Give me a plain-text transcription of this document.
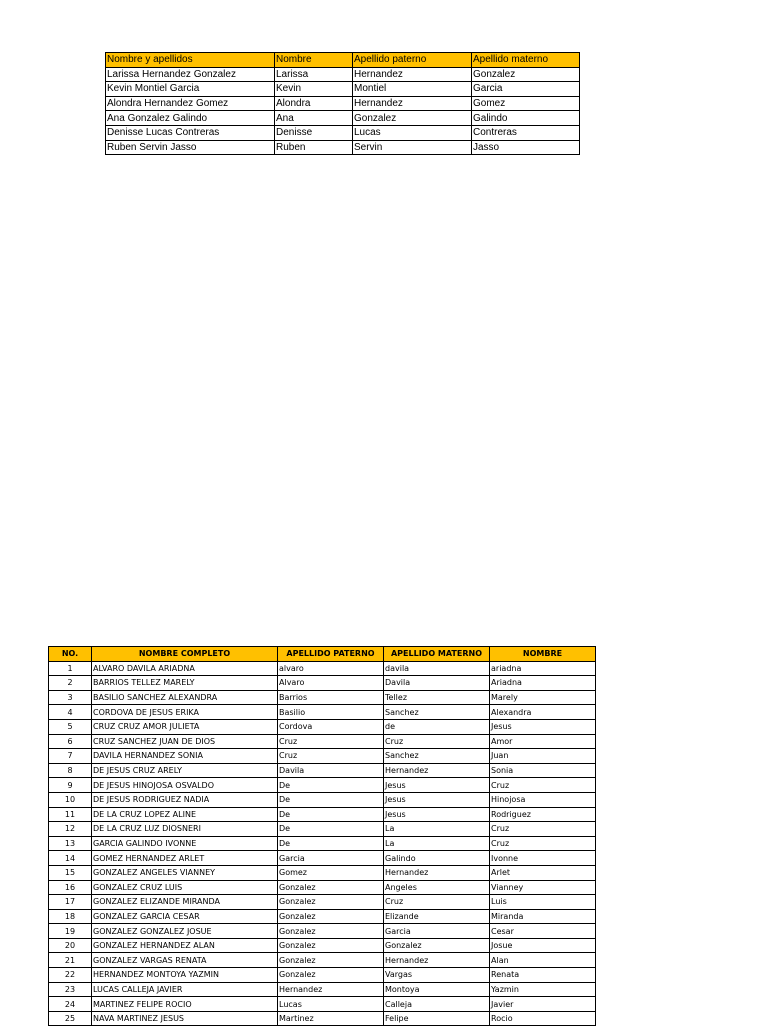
Nombre y apellidos	Nombre	Apellido paterno	Apellido materno
Larissa Hernandez Gonzalez	Larissa	Hernandez	Gonzalez
Kevin Montiel Garcia	Kevin	Montiel	Garcia
Alondra Hernandez Gomez	Alondra	Hernandez	Gomez
Ana Gonzalez Galindo	Ana	Gonzalez	Galindo
Denisse Lucas Contreras	Denisse	Lucas	Contreras
Ruben Servin Jasso	Ruben	Servin	Jasso
NO.	NOMBRE COMPLETO	APELLIDO PATERNO	APELLIDO MATERNO	NOMBRE
1	ALVARO DAVILA ARIADNA	alvaro	davila	ariadna
2	BARRIOS TELLEZ MARELY	Alvaro	Davila	Ariadna
3	BASILIO SANCHEZ ALEXANDRA	Barrios	Tellez	Marely
4	CORDOVA DE JESUS ERIKA	Basilio	Sanchez	Alexandra
5	CRUZ CRUZ AMOR JULIETA	Cordova	de	Jesus
6	CRUZ SANCHEZ JUAN DE DIOS	Cruz	Cruz	Amor
7	DAVILA HERNANDEZ SONIA	Cruz	Sanchez	Juan
8	DE JESUS CRUZ ARELY	Davila	Hernandez	Sonia
9	DE JESUS HINOJOSA OSVALDO	De	Jesus	Cruz
10	DE JESUS RODRIGUEZ NADIA	De	Jesus	Hinojosa
11	DE LA CRUZ LOPEZ ALINE	De	Jesus	Rodriguez
12	DE LA CRUZ LUZ DIOSNERI	De	La	Cruz
13	GARCIA GALINDO IVONNE	De	La	Cruz
14	GOMEZ HERNANDEZ ARLET	Garcia	Galindo	Ivonne
15	GONZALEZ ANGELES VIANNEY	Gomez	Hernandez	Arlet
16	GONZALEZ CRUZ LUIS	Gonzalez	Angeles	Vianney
17	GONZALEZ ELIZANDE MIRANDA	Gonzalez	Cruz	Luis
18	GONZALEZ GARCIA CESAR	Gonzalez	Elizande	Miranda
19	GONZALEZ GONZALEZ JOSUE	Gonzalez	Garcia	Cesar
20	GONZALEZ HERNANDEZ ALAN	Gonzalez	Gonzalez	Josue
21	GONZALEZ VARGAS RENATA	Gonzalez	Hernandez	Alan
22	HERNANDEZ MONTOYA YAZMIN	Gonzalez	Vargas	Renata
23	LUCAS CALLEJA JAVIER	Hernandez	Montoya	Yazmin
24	MARTINEZ FELIPE ROCIO	Lucas	Calleja	Javier
25	NAVA MARTINEZ JESUS	Martinez	Felipe	Rocio
